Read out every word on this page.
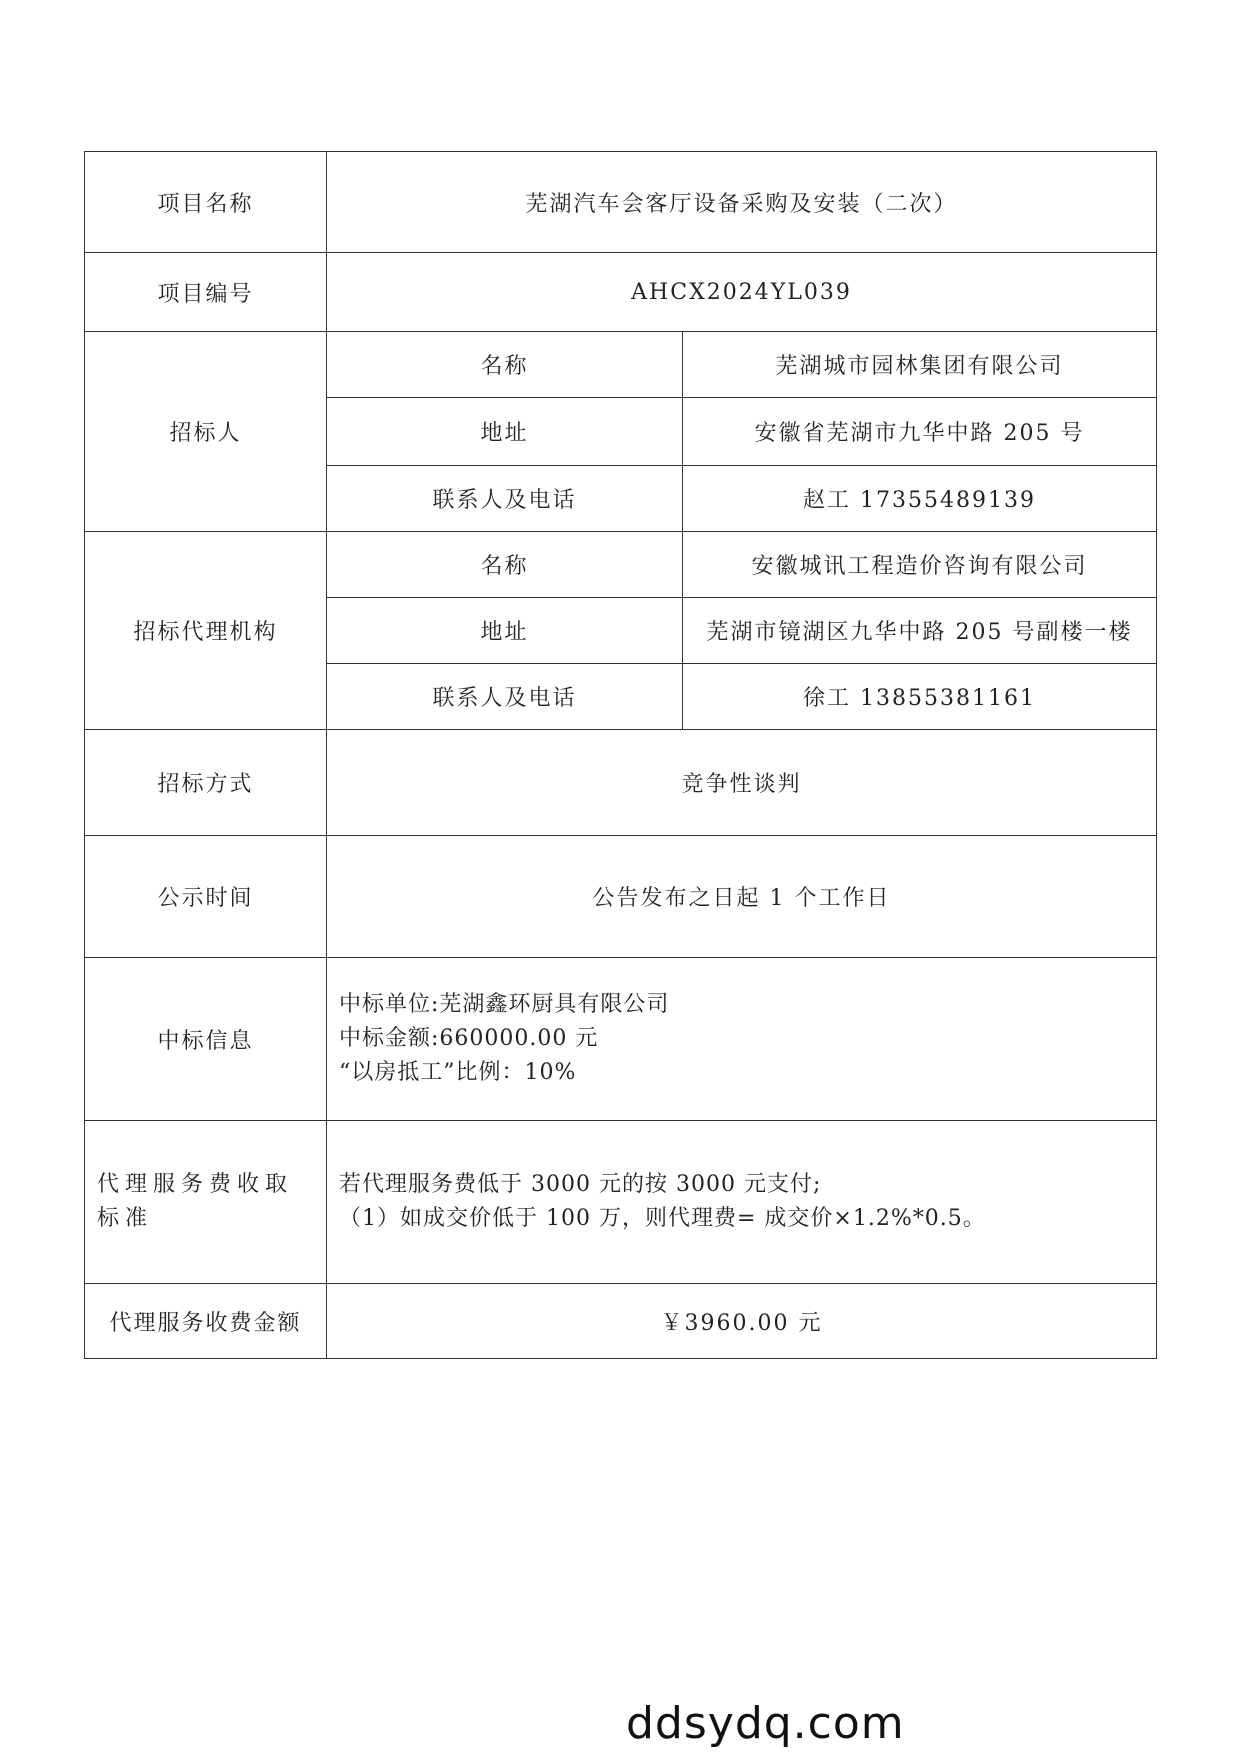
项目名称	芜湖汽车会客厅设备采购及安装（二次）	
项目编号	AHCX2024YL039	
招标人	名称	芜湖城市园林集团有限公司
	地址	安徽省芜湖市九华中路 205 号
	联系人及电话	赵工 17355489139
招标代理机构	名称	安徽城讯工程造价咨询有限公司
	地址	芜湖市镜湖区九华中路 205 号副楼一楼
	联系人及电话	徐工 13855381161
招标方式	竞争性谈判	
公示时间	公告发布之日起 1 个工作日	
中标信息	中标单位:芜湖鑫环厨具有限公司
中标金额:660000.00 元
“以房抵工”比例：10%	

代理服务费收取标准	若代理服务费低于 3000 元的按 3000 元支付;
（1）如成交价低于 100 万，则代理费= 成交价×1.2%*0.5。	

代理服务收费金额	￥3960.00 元	
ddsydq.com
